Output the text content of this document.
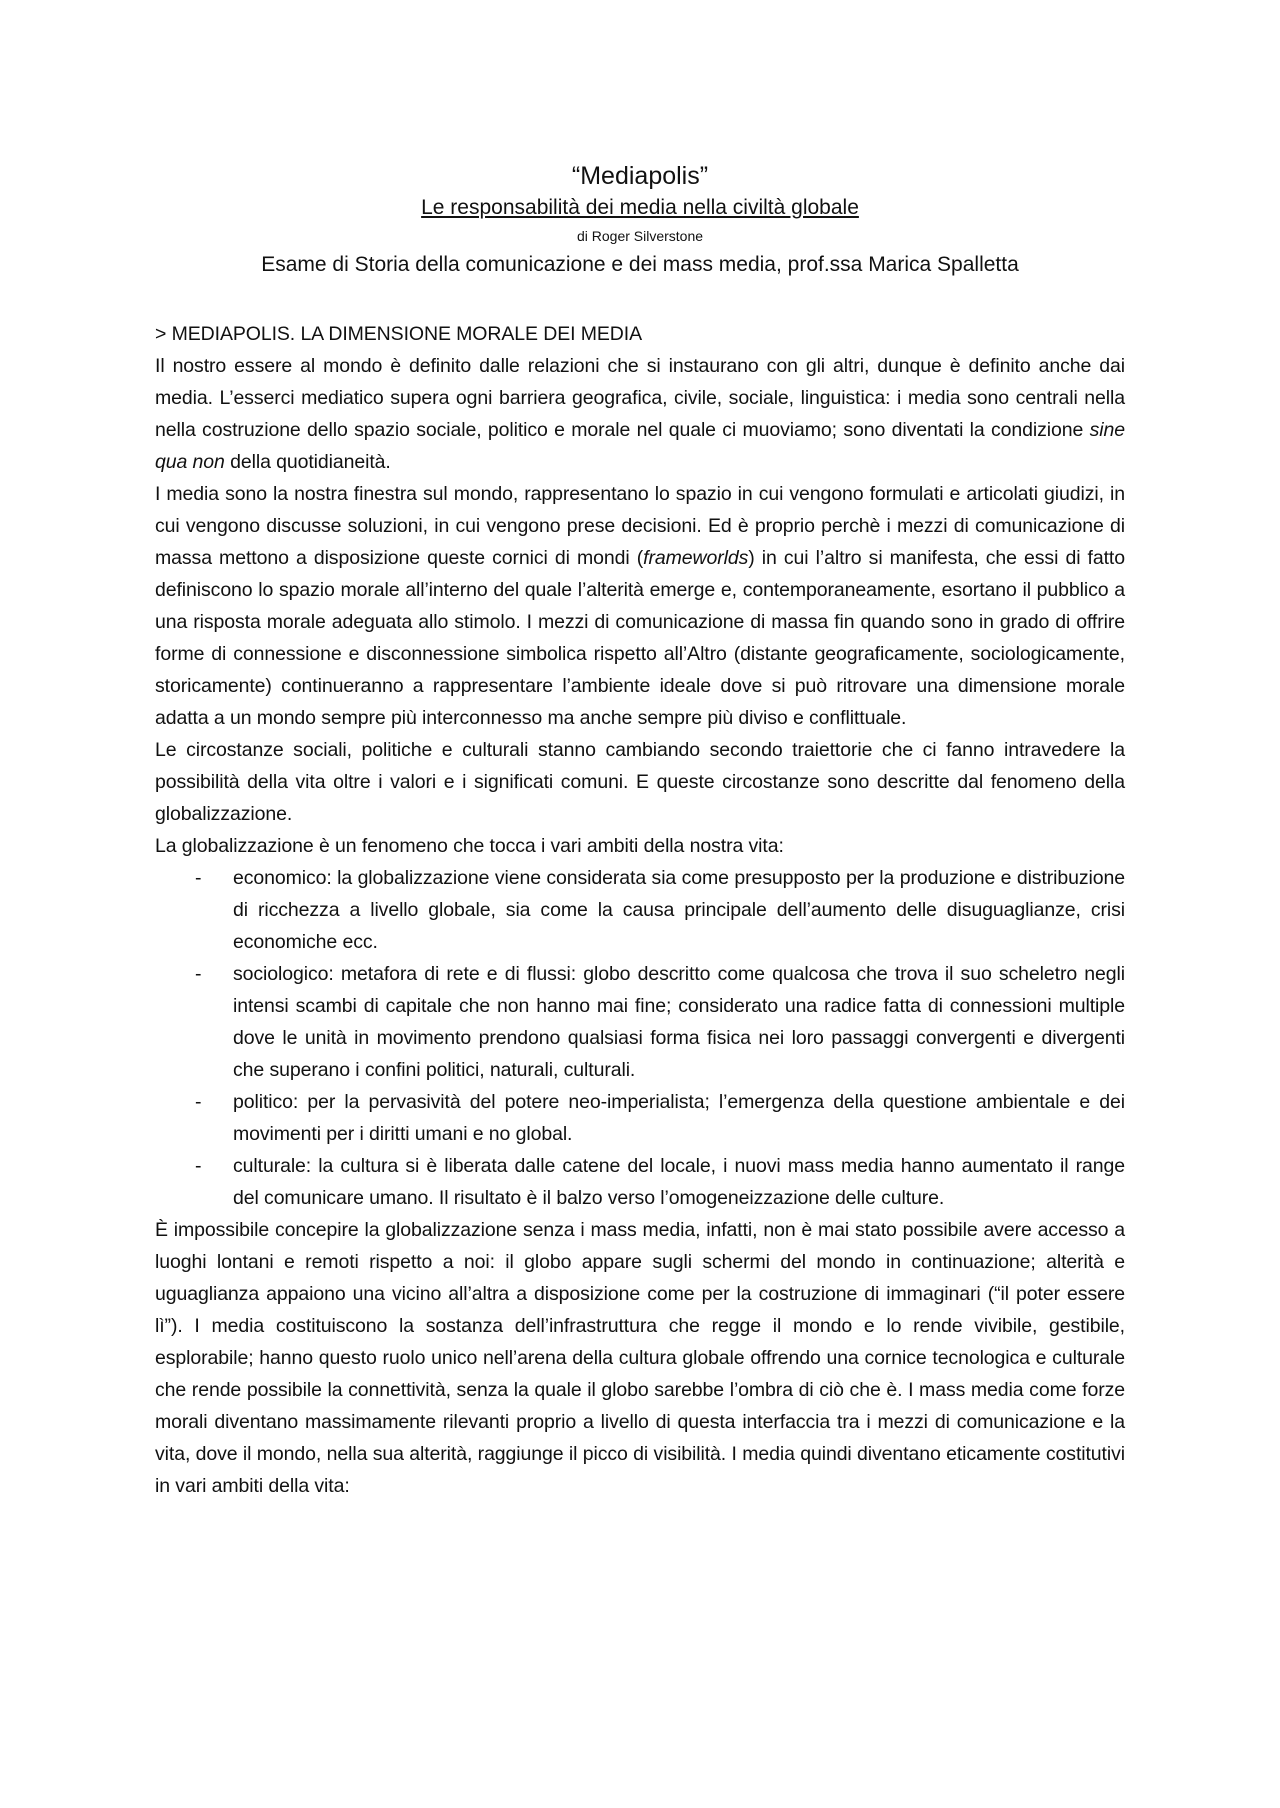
“Mediapolis”

Le responsabilità dei media nella civiltà globale

di Roger Silverstone

Esame di Storia della comunicazione e dei mass media, prof.ssa Marica Spalletta

> MEDIAPOLIS. LA DIMENSIONE MORALE DEI MEDIA

Il nostro essere al mondo è definito dalle relazioni che si instaurano con gli altri, dunque è definito anche dai media. L’esserci mediatico supera ogni barriera geografica, civile, sociale, linguistica: i media sono centrali nella nella costruzione dello spazio sociale, politico e morale nel quale ci muoviamo; sono diventati la condizione sine qua non della quotidianeità.

I media sono la nostra finestra sul mondo, rappresentano lo spazio in cui vengono formulati e articolati giudizi, in cui vengono discusse soluzioni, in cui vengono prese decisioni. Ed è proprio perchè i mezzi di comunicazione di massa mettono a disposizione queste cornici di mondi (frameworlds) in cui l’altro si manifesta, che essi di fatto definiscono lo spazio morale all’interno del quale l’alterità emerge e, contemporaneamente, esortano il pubblico a una risposta morale adeguata allo stimolo. I mezzi di comunicazione di massa fin quando sono in grado di offrire forme di connessione e disconnessione simbolica rispetto all’Altro (distante geograficamente, sociologicamente, storicamente) continueranno a rappresentare l’ambiente ideale dove si può ritrovare una dimensione morale adatta a un mondo sempre più interconnesso ma anche sempre più diviso e conflittuale.

Le circostanze sociali, politiche e culturali stanno cambiando secondo traiettorie che ci fanno intravedere la possibilità della vita oltre i valori e i significati comuni. E queste circostanze sono descritte dal fenomeno della globalizzazione.

La globalizzazione è un fenomeno che tocca i vari ambiti della nostra vita:

- economico: la globalizzazione viene considerata sia come presupposto per la produzione e distribuzione di ricchezza a livello globale, sia come la causa principale dell’aumento delle disuguaglianze, crisi economiche ecc.
- sociologico: metafora di rete e di flussi: globo descritto come qualcosa che trova il suo scheletro negli intensi scambi di capitale che non hanno mai fine; considerato una radice fatta di connessioni multiple dove le unità in movimento prendono qualsiasi forma fisica nei loro passaggi convergenti e divergenti che superano i confini politici, naturali, culturali.
- politico: per la pervasività del potere neo-imperialista; l’emergenza della questione ambientale e dei movimenti per i diritti umani e no global.
- culturale: la cultura si è liberata dalle catene del locale, i nuovi mass media hanno aumentato il range del comunicare umano. Il risultato è il balzo verso l’omogeneizzazione delle culture.

È impossibile concepire la globalizzazione senza i mass media, infatti, non è mai stato possibile avere accesso a luoghi lontani e remoti rispetto a noi: il globo appare sugli schermi del mondo in continuazione; alterità e uguaglianza appaiono una vicino all’altra a disposizione come per la costruzione di immaginari (“il poter essere lì”). I media costituiscono la sostanza dell’infrastruttura che regge il mondo e lo rende vivibile, gestibile, esplorabile; hanno questo ruolo unico nell’arena della cultura globale offrendo una cornice tecnologica e culturale che rende possibile la connettività, senza la quale il globo sarebbe l’ombra di ciò che è. I mass media come forze morali diventano massimamente rilevanti proprio a livello di questa interfaccia tra i mezzi di comunicazione e la vita, dove il mondo, nella sua alterità, raggiunge il picco di visibilità. I media quindi diventano eticamente costitutivi in vari ambiti della vita:
